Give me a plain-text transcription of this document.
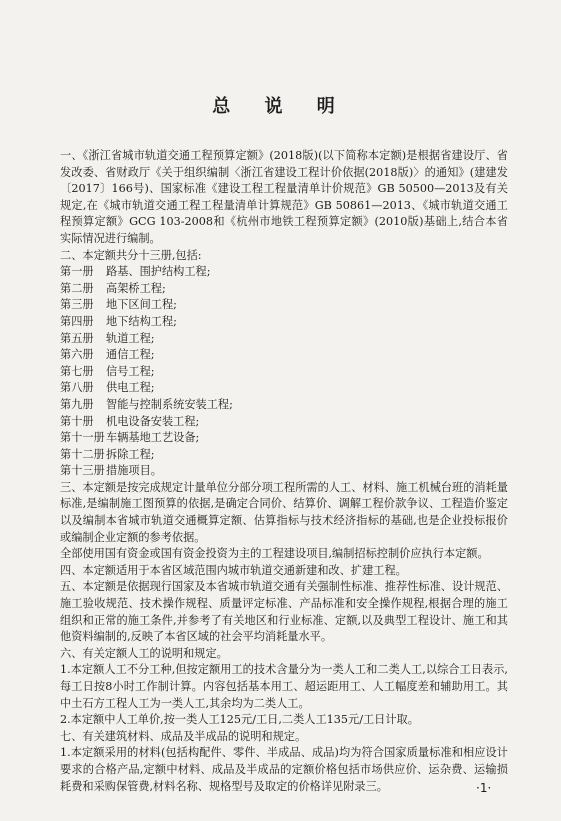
总 说 明

一、《浙江省城市轨道交通工程预算定额》(2018版)(以下简称本定额)是根据省建设厅、省发改委、省财政厅《关于组织编制〈浙江省建设工程计价依据(2018版)〉的通知》(建建发〔2017〕166号)、国家标准《建设工程工程量清单计价规范》GB 50500—2013及有关规定,在《城市轨道交通工程工程量清单计算规范》GB 50861—2013、《城市轨道交通工程预算定额》GCG 103-2008和《杭州市地铁工程预算定额》(2010版)基础上,结合本省实际情况进行编制。

二、本定额共分十三册,包括:

第一册	路基、围护结构工程;
第二册	高架桥工程;
第三册	地下区间工程;
第四册	地下结构工程;
第五册	轨道工程;
第六册	通信工程;
第七册	信号工程;
第八册	供电工程;
第九册	智能与控制系统安装工程;
第十册	机电设备安装工程;
第十一册 车辆基地工艺设备;
第十二册 拆除工程;
第十三册 措施项目。

三、本定额是按完成规定计量单位分部分项工程所需的人工、材料、施工机械台班的消耗量标准,是编制施工图预算的依据,是确定合同价、结算价、调解工程价款争议、工程造价鉴定以及编制本省城市轨道交通概算定额、估算指标与技术经济指标的基础,也是企业投标报价或编制企业定额的参考依据。

全部使用国有资金或国有资金投资为主的工程建设项目,编制招标控制价应执行本定额。

四、本定额适用于本省区域范围内城市轨道交通新建和改、扩建工程。

五、本定额是依据现行国家及本省城市轨道交通有关强制性标准、推荐性标准、设计规范、施工验收规范、技术操作规程、质量评定标准、产品标准和安全操作规程,根据合理的施工组织和正常的施工条件,并参考了有关地区和行业标准、定额,以及典型工程设计、施工和其他资料编制的,反映了本省区域的社会平均消耗量水平。

六、有关定额人工的说明和规定。

1.本定额人工不分工种,但按定额用工的技术含量分为一类人工和二类人工,以综合工日表示,每工日按8小时工作制计算。内容包括基本用工、超运距用工、人工幅度差和辅助用工。其中土石方工程人工为一类人工,其余均为二类人工。

2.本定额中人工单价,按一类人工125元/工日,二类人工135元/工日计取。

七、有关建筑材料、成品及半成品的说明和规定。

1.本定额采用的材料(包括构配件、零件、半成品、成品)均为符合国家质量标准和相应设计要求的合格产品,定额中材料、成品及半成品的定额价格包括市场供应价、运杂费、运输损耗费和采购保管费,材料名称、规格型号及取定的价格详见附录三。	·1·
